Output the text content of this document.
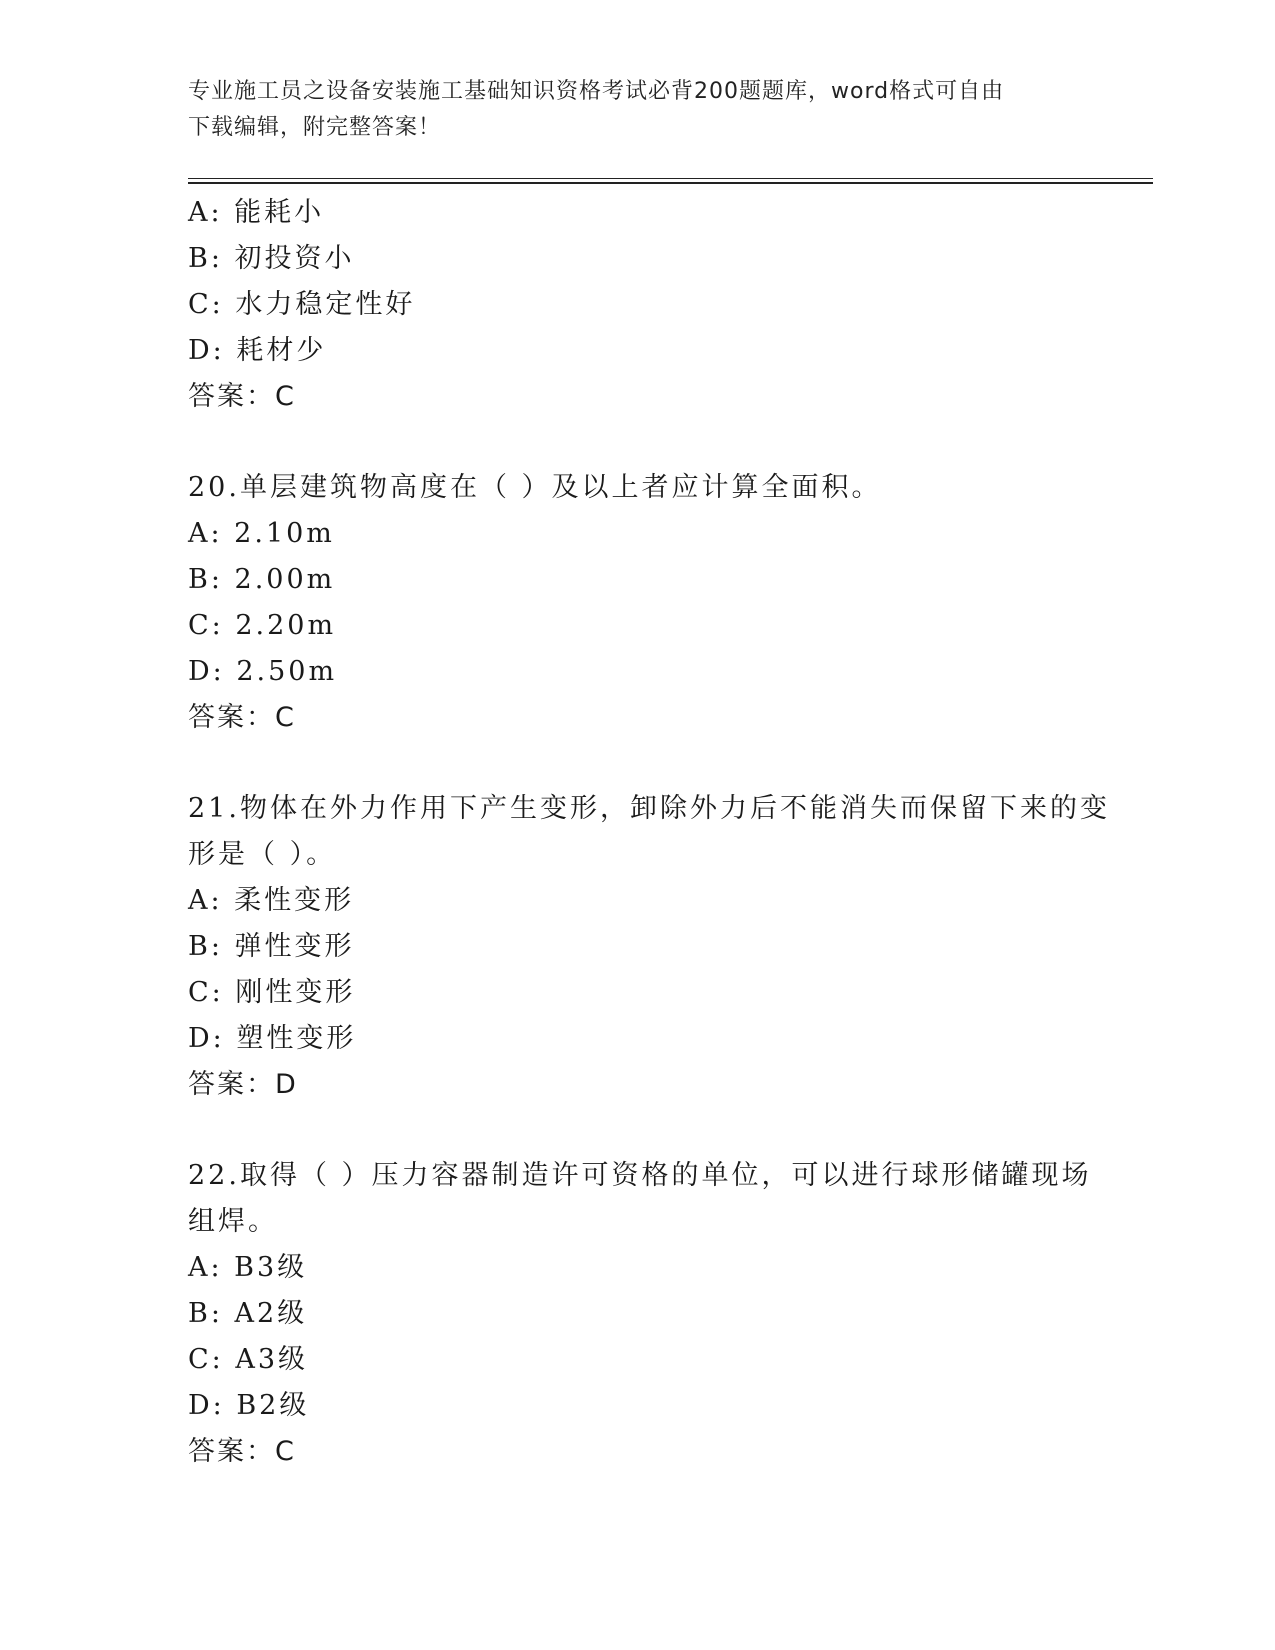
专业施工员之设备安装施工基础知识资格考试必背200题题库，word格式可自由
下载编辑，附完整答案！
A: 能耗小
B: 初投资小
C: 水力稳定性好
D: 耗材少
答案：C
20.单层建筑物高度在（ ）及以上者应计算全面积。
A: 2.10m
B: 2.00m
C: 2.20m
D: 2.50m
答案：C
21.物体在外力作用下产生变形，卸除外力后不能消失而保留下来的变
形是（ ）。
A: 柔性变形
B: 弹性变形
C: 刚性变形
D: 塑性变形
答案：D
22.取得（ ）压力容器制造许可资格的单位，可以进行球形储罐现场
组焊。
A: B3级
B: A2级
C: A3级
D: B2级
答案：C
